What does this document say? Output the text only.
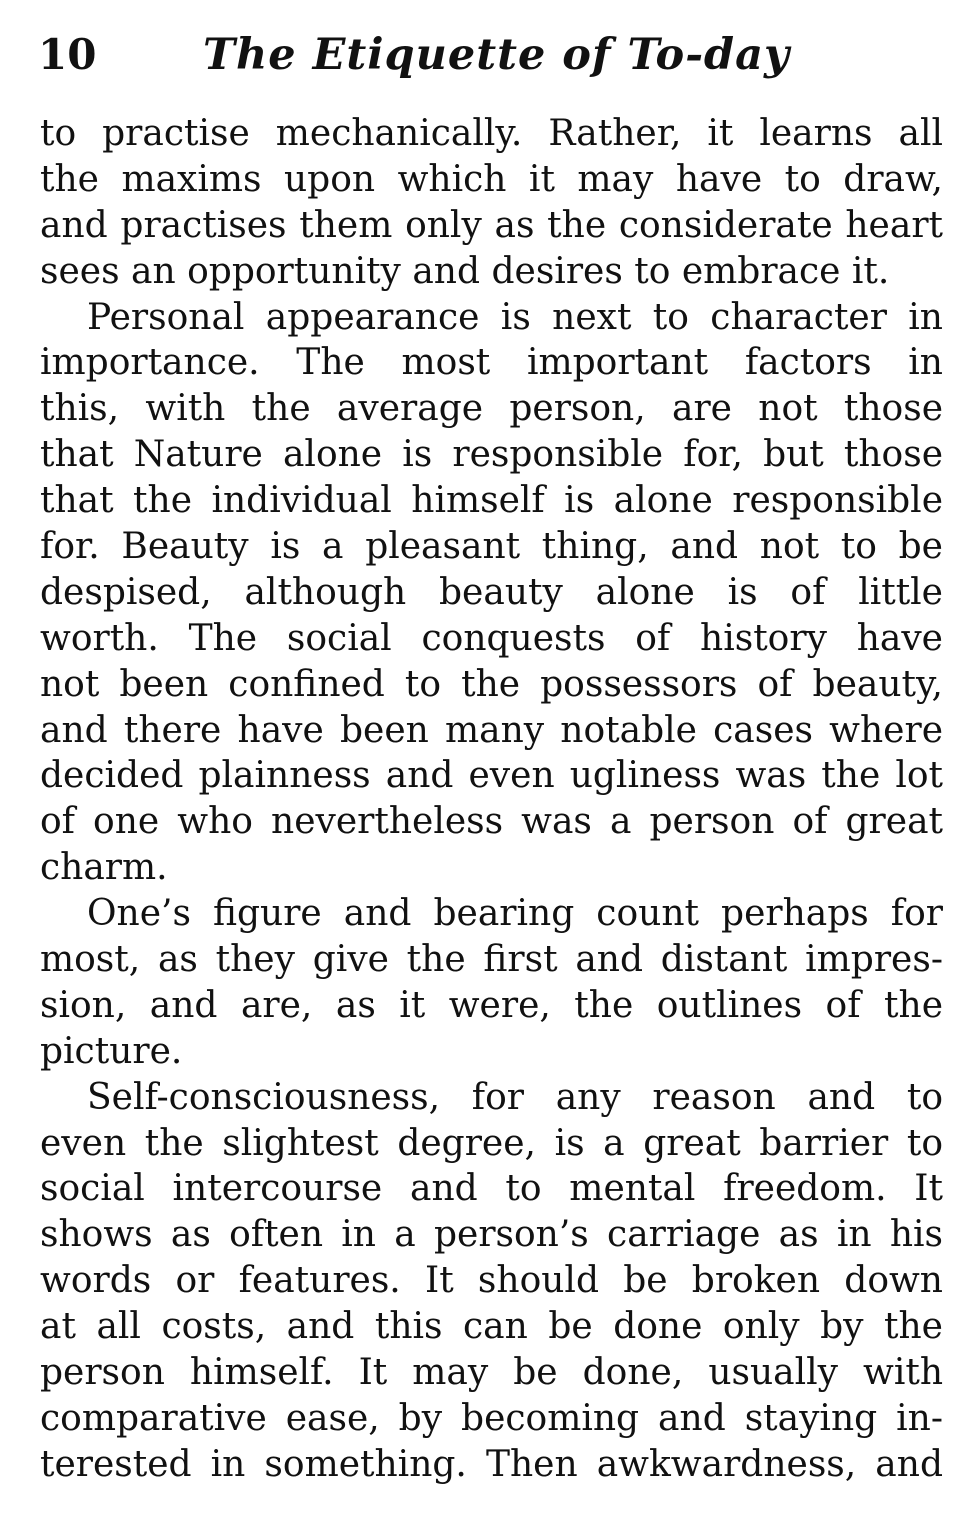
10 The Etiquette of To-day
to practise mechanically. Rather, it learns all
the maxims upon which it may have to draw,
and practises them only as the considerate heart
sees an opportunity and desires to embrace it.
Personal appearance is next to character in
importance. The most important factors in
this, with the average person, are not those
that Nature alone is responsible for, but those
that the individual himself is alone responsible
for. Beauty is a pleasant thing, and not to be
despised, although beauty alone is of little
worth. The social conquests of history have
not been confined to the possessors of beauty,
and there have been many notable cases where
decided plainness and even ugliness was the lot
of one who nevertheless was a person of great
charm.
One’s figure and bearing count perhaps for
most, as they give the first and distant impres-
sion, and are, as it were, the outlines of the
picture.
Self-consciousness, for any reason and to
even the slightest degree, is a great barrier to
social intercourse and to mental freedom. It
shows as often in a person’s carriage as in his
words or features. It should be broken down
at all costs, and this can be done only by the
person himself. It may be done, usually with
comparative ease, by becoming and staying in-
terested in something. Then awkwardness, and
